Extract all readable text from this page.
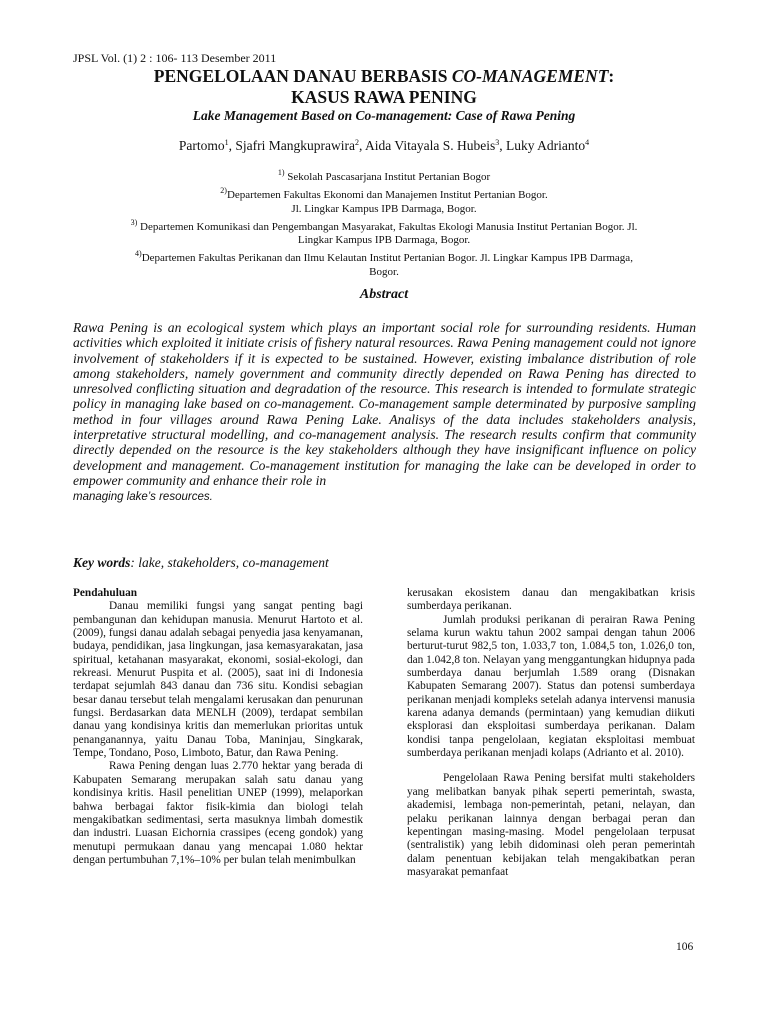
JPSL Vol. (1) 2 : 106- 113 Desember 2011
PENGELOLAAN DANAU BERBASIS CO-MANAGEMENT:
KASUS RAWA PENING
Lake Management Based on Co-management: Case of Rawa Pening
Partomo$^1$, Sjafri Mangkuprawira$^2$, Aida Vitayala S. Hubeis$^3$, Luky Adrianto$^4$
$^{1)}$ Sekolah Pascasarjana Institut Pertanian Bogor
$^{2)}$Departemen Fakultas Ekonomi dan Manajemen Institut Pertanian Bogor.
Jl. Lingkar Kampus IPB Darmaga, Bogor.
$^{3)}$ Departemen Komunikasi dan Pengembangan Masyarakat, Fakultas Ekologi Manusia Institut Pertanian Bogor. Jl.
Lingkar Kampus IPB Darmaga, Bogor.
$^{4)}$Departemen Fakultas Perikanan dan Ilmu Kelautan Institut Pertanian Bogor. Jl. Lingkar Kampus IPB Darmaga,
Bogor.
Abstract
Rawa Pening is an ecological system which plays an important social role for surrounding residents. Human activities which exploited it initiate crisis of fishery natural resources. Rawa Pening management could not ignore involvement of stakeholders if it is expected to be sustained. However, existing imbalance distribution of role among stakeholders, namely government and community directly depended on Rawa Pening has directed to unresolved conflicting situation and degradation of the resource. This research is intended to formulate strategic policy in managing lake based on co-management. Co-management sample determinated by purposive sampling method in four villages around Rawa Pening Lake. Analisys of the data includes stakeholders analysis, interpretative structural modelling, and co-management analysis. The research results confirm that community directly depended on the resource is the key stakeholders although they have insignificant influence on policy development and management. Co-management institution for managing the lake can be developed in order to empower community and enhance their role in
managing lake’s resources.
Key words: lake, stakeholders, co-management

Pendahuluan

Danau memiliki fungsi yang sangat penting bagi pembangunan dan kehidupan manusia. Menurut Hartoto et al. (2009), fungsi danau adalah sebagai penyedia jasa kenyamanan, budaya, pendidikan, jasa lingkungan, jasa kemasyarakatan, jasa spiritual, ketahanan masyarakat, ekonomi, sosial-ekologi, dan rekreasi. Menurut Puspita et al. (2005), saat ini di Indonesia terdapat sejumlah 843 danau dan 736 situ. Kondisi sebagian besar danau tersebut telah mengalami kerusakan dan penurunan fungsi. Berdasarkan data MENLH (2009), terdapat sembilan danau yang kondisinya kritis dan memerlukan prioritas untuk penanganannya, yaitu Danau Toba, Maninjau, Singkarak, Tempe, Tondano, Poso, Limboto, Batur, dan Rawa Pening.

Rawa Pening dengan luas 2.770 hektar yang berada di Kabupaten Semarang merupakan salah satu danau yang kondisinya kritis. Hasil penelitian UNEP (1999), melaporkan bahwa berbagai faktor fisik-kimia dan biologi telah mengakibatkan sedimentasi, serta masuknya limbah domestik dan industri. Luasan Eichornia crassipes (eceng gondok) yang menutupi permukaan danau yang mencapai 1.080 hektar dengan pertumbuhan 7,1%–10% per bulan telah menimbulkan

kerusakan ekosistem danau dan mengakibatkan krisis sumberdaya perikanan.

Jumlah produksi perikanan di perairan Rawa Pening selama kurun waktu tahun 2002 sampai dengan tahun 2006 berturut-turut 982,5 ton, 1.033,7 ton, 1.084,5 ton, 1.026,0 ton, dan 1.042,8 ton. Nelayan yang menggantungkan hidupnya pada sumberdaya danau berjumlah 1.589 orang (Disnakan Kabupaten Semarang 2007). Status dan potensi sumberdaya perikanan menjadi kompleks setelah adanya intervensi manusia karena adanya demands (permintaan) yang kemudian diikuti eksplorasi dan eksploitasi sumberdaya perikanan. Dalam kondisi tanpa pengelolaan, kegiatan eksploitasi membuat sumberdaya perikanan menjadi kolaps (Adrianto et al. 2010).

Pengelolaan Rawa Pening bersifat multi stakeholders yang melibatkan banyak pihak seperti pemerintah, swasta, akademisi, lembaga non-pemerintah, petani, nelayan, dan pelaku perikanan lainnya dengan berbagai peran dan kepentingan masing-masing. Model pengelolaan terpusat (sentralistik) yang lebih didominasi oleh peran pemerintah dalam penentuan kebijakan telah mengakibatkan peran masyarakat pemanfaat

106
